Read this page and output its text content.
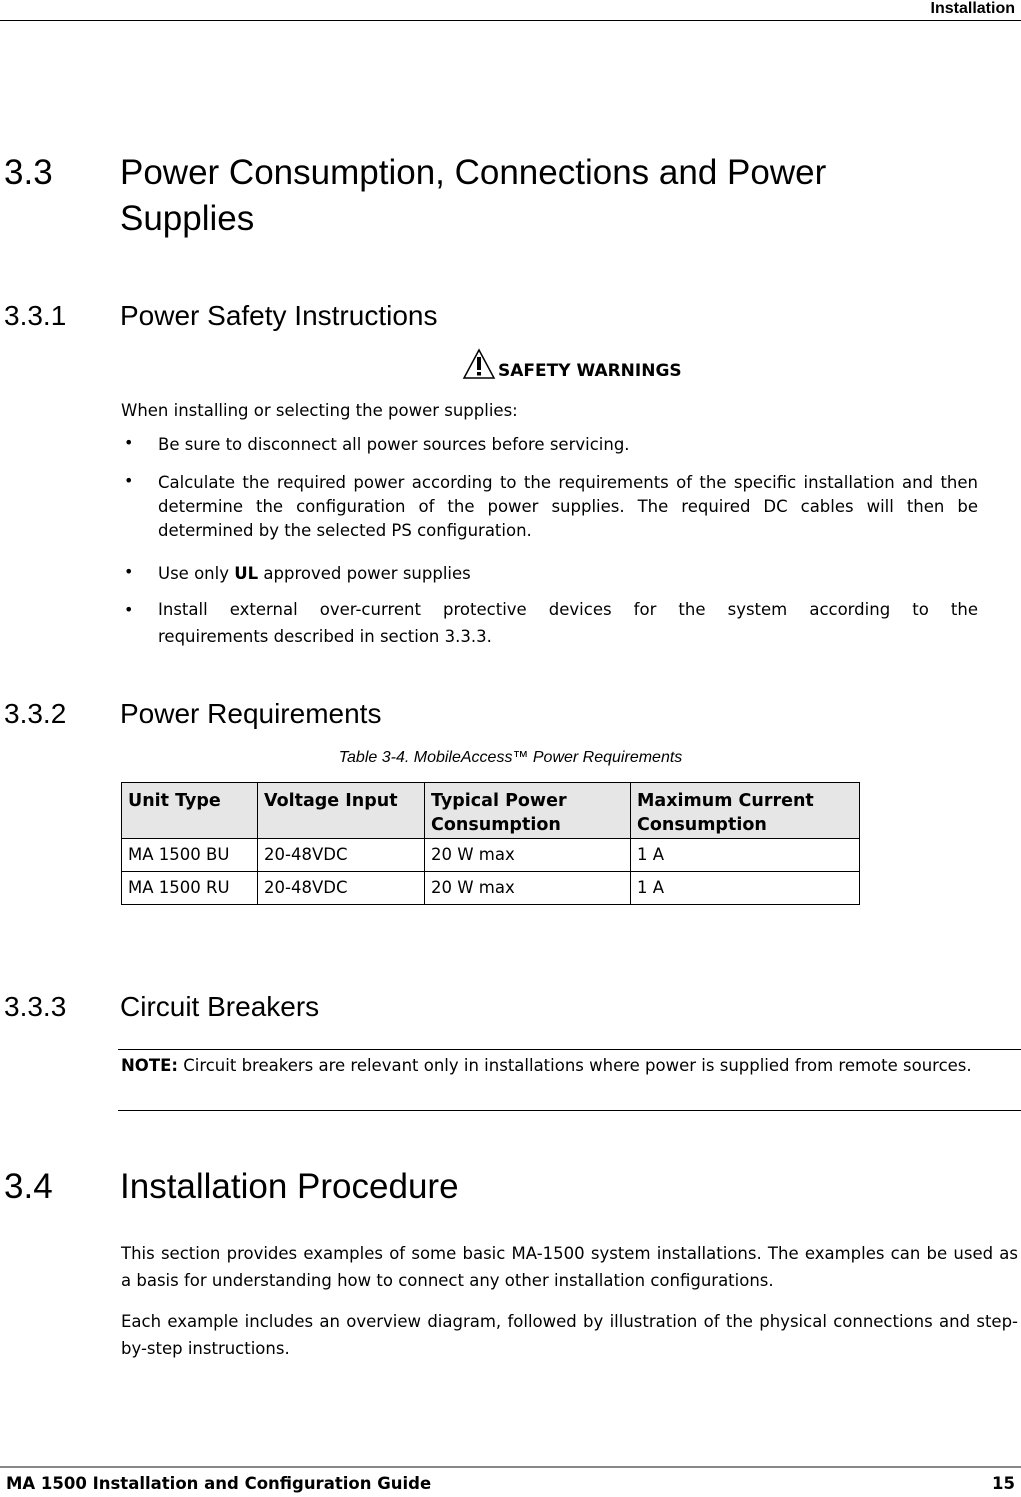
Installation
3.3 Power Consumption, Connections and Power
Supplies
3.3.1 Power Safety Instructions
SAFETY WARNINGS
When installing or selecting the power supplies:
• Be sure to disconnect all power sources before servicing.
• Calculate the required power according to the requirements of the specific installation and then determine the configuration of the power supplies. The required DC cables will then be determined by the selected PS configuration.
• Use only UL approved power supplies
• Install external over-current protective devices for the system according to the
requirements described in section 3.3.3.
3.3.2 Power Requirements
Table 3-4. MobileAccess™ Power Requirements
Unit Type	Voltage Input	Typical Power Consumption	Maximum Current Consumption
MA 1500 BU	20-48VDC	20 W max	1 A
MA 1500 RU	20-48VDC	20 W max	1 A
3.3.3 Circuit Breakers
NOTE: Circuit breakers are relevant only in installations where power is supplied from remote sources.
3.4 Installation Procedure
This section provides examples of some basic MA-1500 system installations. The examples can be used as a basis for understanding how to connect any other installation configurations.
Each example includes an overview diagram, followed by illustration of the physical connections and step-by-step instructions.
MA 1500 Installation and Configuration Guide	15
